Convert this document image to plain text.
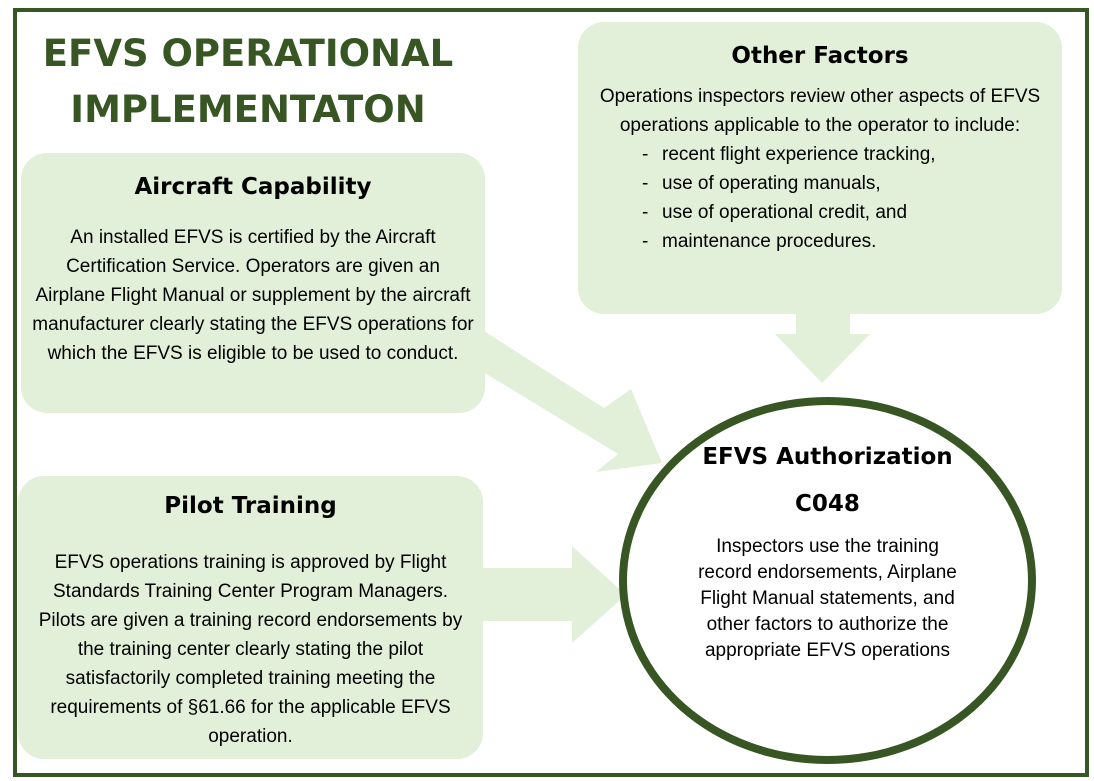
EFVS OPERATIONAL
IMPLEMENTATON
Aircraft Capability

An installed EFVS is certified by the Aircraft Certification Service. Operators are given an Airplane Flight Manual or supplement by the aircraft manufacturer clearly stating the EFVS operations for which the EFVS is eligible to be used to conduct.

Pilot Training

EFVS operations training is approved by Flight Standards Training Center Program Managers. Pilots are given a training record endorsements by the training center clearly stating the pilot satisfactorily completed training meeting the requirements of §61.66 for the applicable EFVS operation.

Other Factors

Operations inspectors review other aspects of EFVS operations applicable to the operator to include:

- recent flight experience tracking,
- use of operating manuals,
- use of operational credit, and
- maintenance procedures.
EFVS Authorization
C048

Inspectors use the training record endorsements, Airplane Flight Manual statements, and other factors to authorize the appropriate EFVS operations
